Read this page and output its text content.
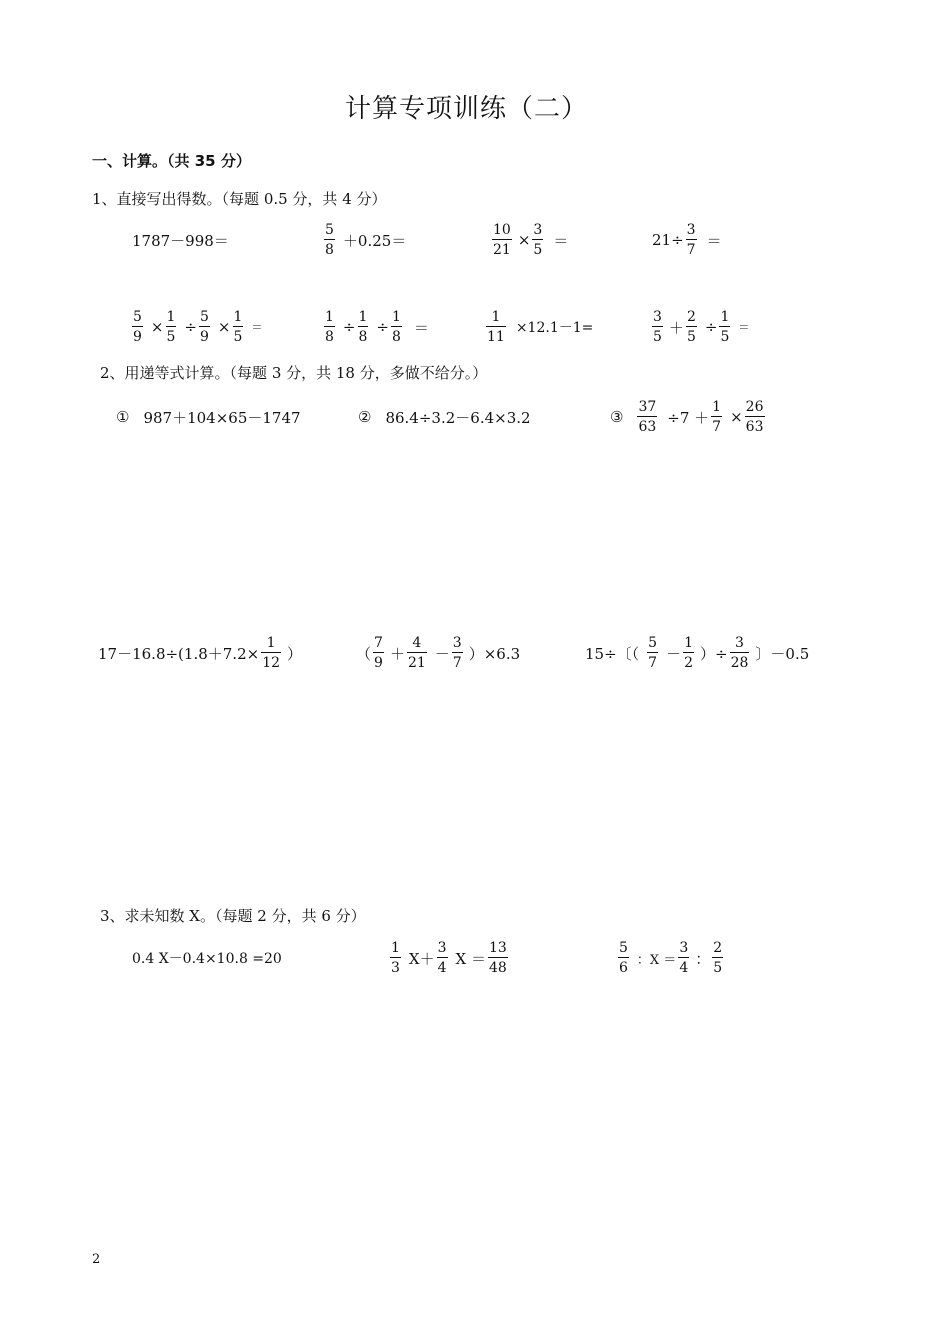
计算专项训练（二）
一、计算。（共 35 分）
1、直接写出得数。（每题 0.5 分，共 4 分）
1787－998＝	$\frac{5}{8} +0.25=$	$\frac{10}{21} \times \frac{3}{5}$ ＝	$21\div \frac{3}{7}$ ＝
$\frac{5}{9} \times \frac{1}{5} \div \frac{5}{9} \times \frac{1}{5}$ ＝	$\frac{1}{8} \div \frac{1}{8} \div \frac{1}{8}$ ＝	$\frac{1}{11} \times 12.1-1=$	$\frac{3}{5} + \frac{2}{5} \div \frac{1}{5}$ ＝
2、用递等式计算。（每题 3 分，共 18 分，多做不给分。）
① 987＋104×65－1747	② 86.4÷3.2－6.4×3.2	③ $\frac{37}{63} \div 7 + \frac{1}{7} \times \frac{26}{63}$
$17-16.8\div(1.8+7.2\times \frac{1}{12}$ ）	（ $\frac{7}{9} + \frac{4}{21} - \frac{3}{7} )\times 6.3$	15÷〔（ $\frac{5}{7} - \frac{1}{2}$ ）÷ $\frac{3}{28}$ 〕－0.5
3、求未知数 X。（每题 2 分，共 6 分）
0.4 X－0.4×10.8 =20	$\frac{1}{3} X+ \frac{3}{4}$ $X = \frac{13}{48}$	$\frac{5}{6}$ ：$X = \frac{3}{4}$ ： $\frac{2}{5}$
2
